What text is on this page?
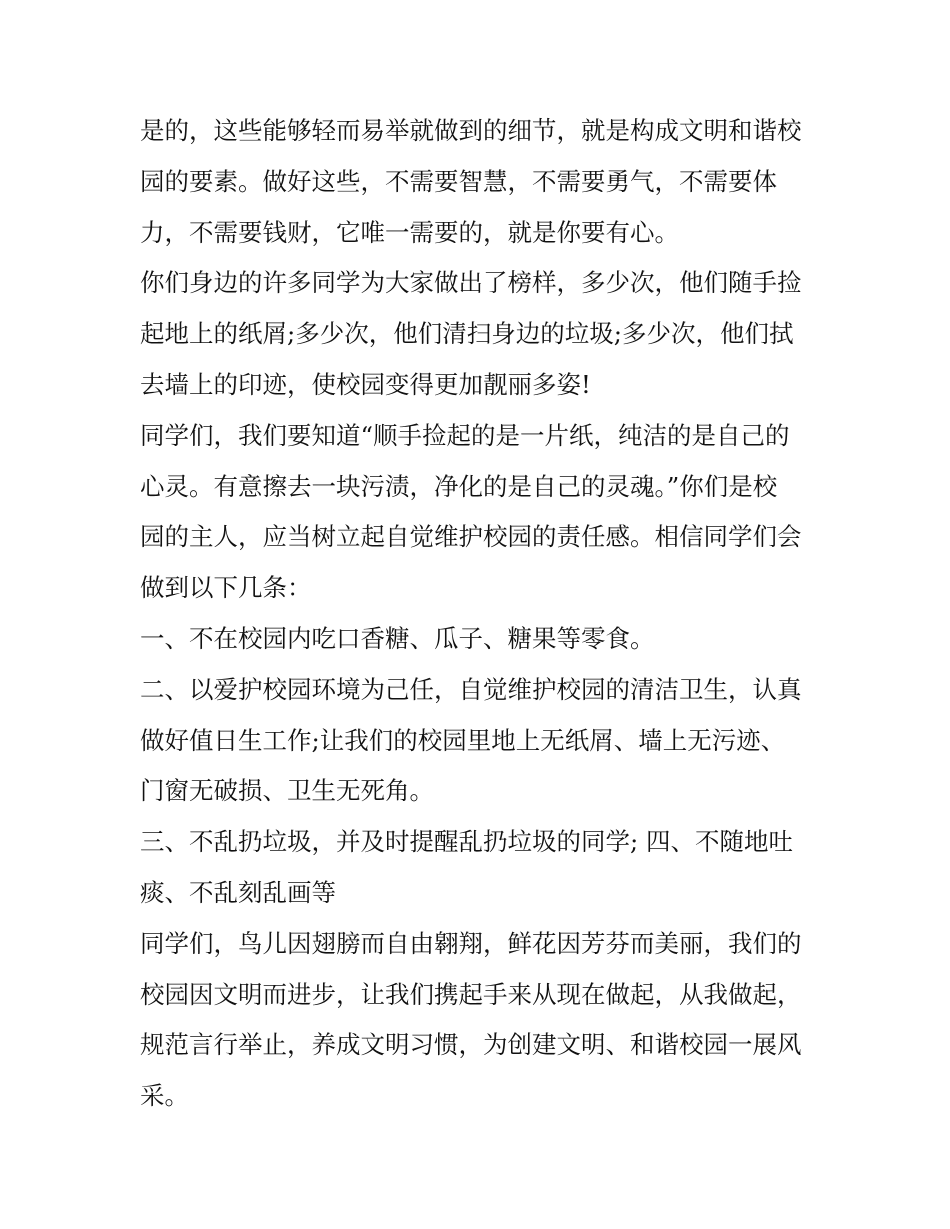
是的，这些能够轻而易举就做到的细节，就是构成文明和谐校
园的要素。做好这些，不需要智慧，不需要勇气，不需要体
力，不需要钱财，它唯一需要的，就是你要有心。

你们身边的许多同学为大家做出了榜样，多少次，他们随手捡
起地上的纸屑;多少次，他们清扫身边的垃圾;多少次，他们拭
去墙上的印迹，使校园变得更加靓丽多姿!

同学们，我们要知道“顺手捡起的是一片纸，纯洁的是自己的
心灵。有意擦去一块污渍，净化的是自己的灵魂。”你们是校
园的主人，应当树立起自觉维护校园的责任感。相信同学们会
做到以下几条：

一、不在校园内吃口香糖、瓜子、糖果等零食。

二、以爱护校园环境为己任，自觉维护校园的清洁卫生，认真
做好值日生工作;让我们的校园里地上无纸屑、墙上无污迹、
门窗无破损、卫生无死角。

三、不乱扔垃圾，并及时提醒乱扔垃圾的同学; 四、不随地吐
痰、不乱刻乱画等

同学们，鸟儿因翅膀而自由翱翔，鲜花因芳芬而美丽，我们的
校园因文明而进步，让我们携起手来从现在做起，从我做起，
规范言行举止，养成文明习惯，为创建文明、和谐校园一展风
采。
